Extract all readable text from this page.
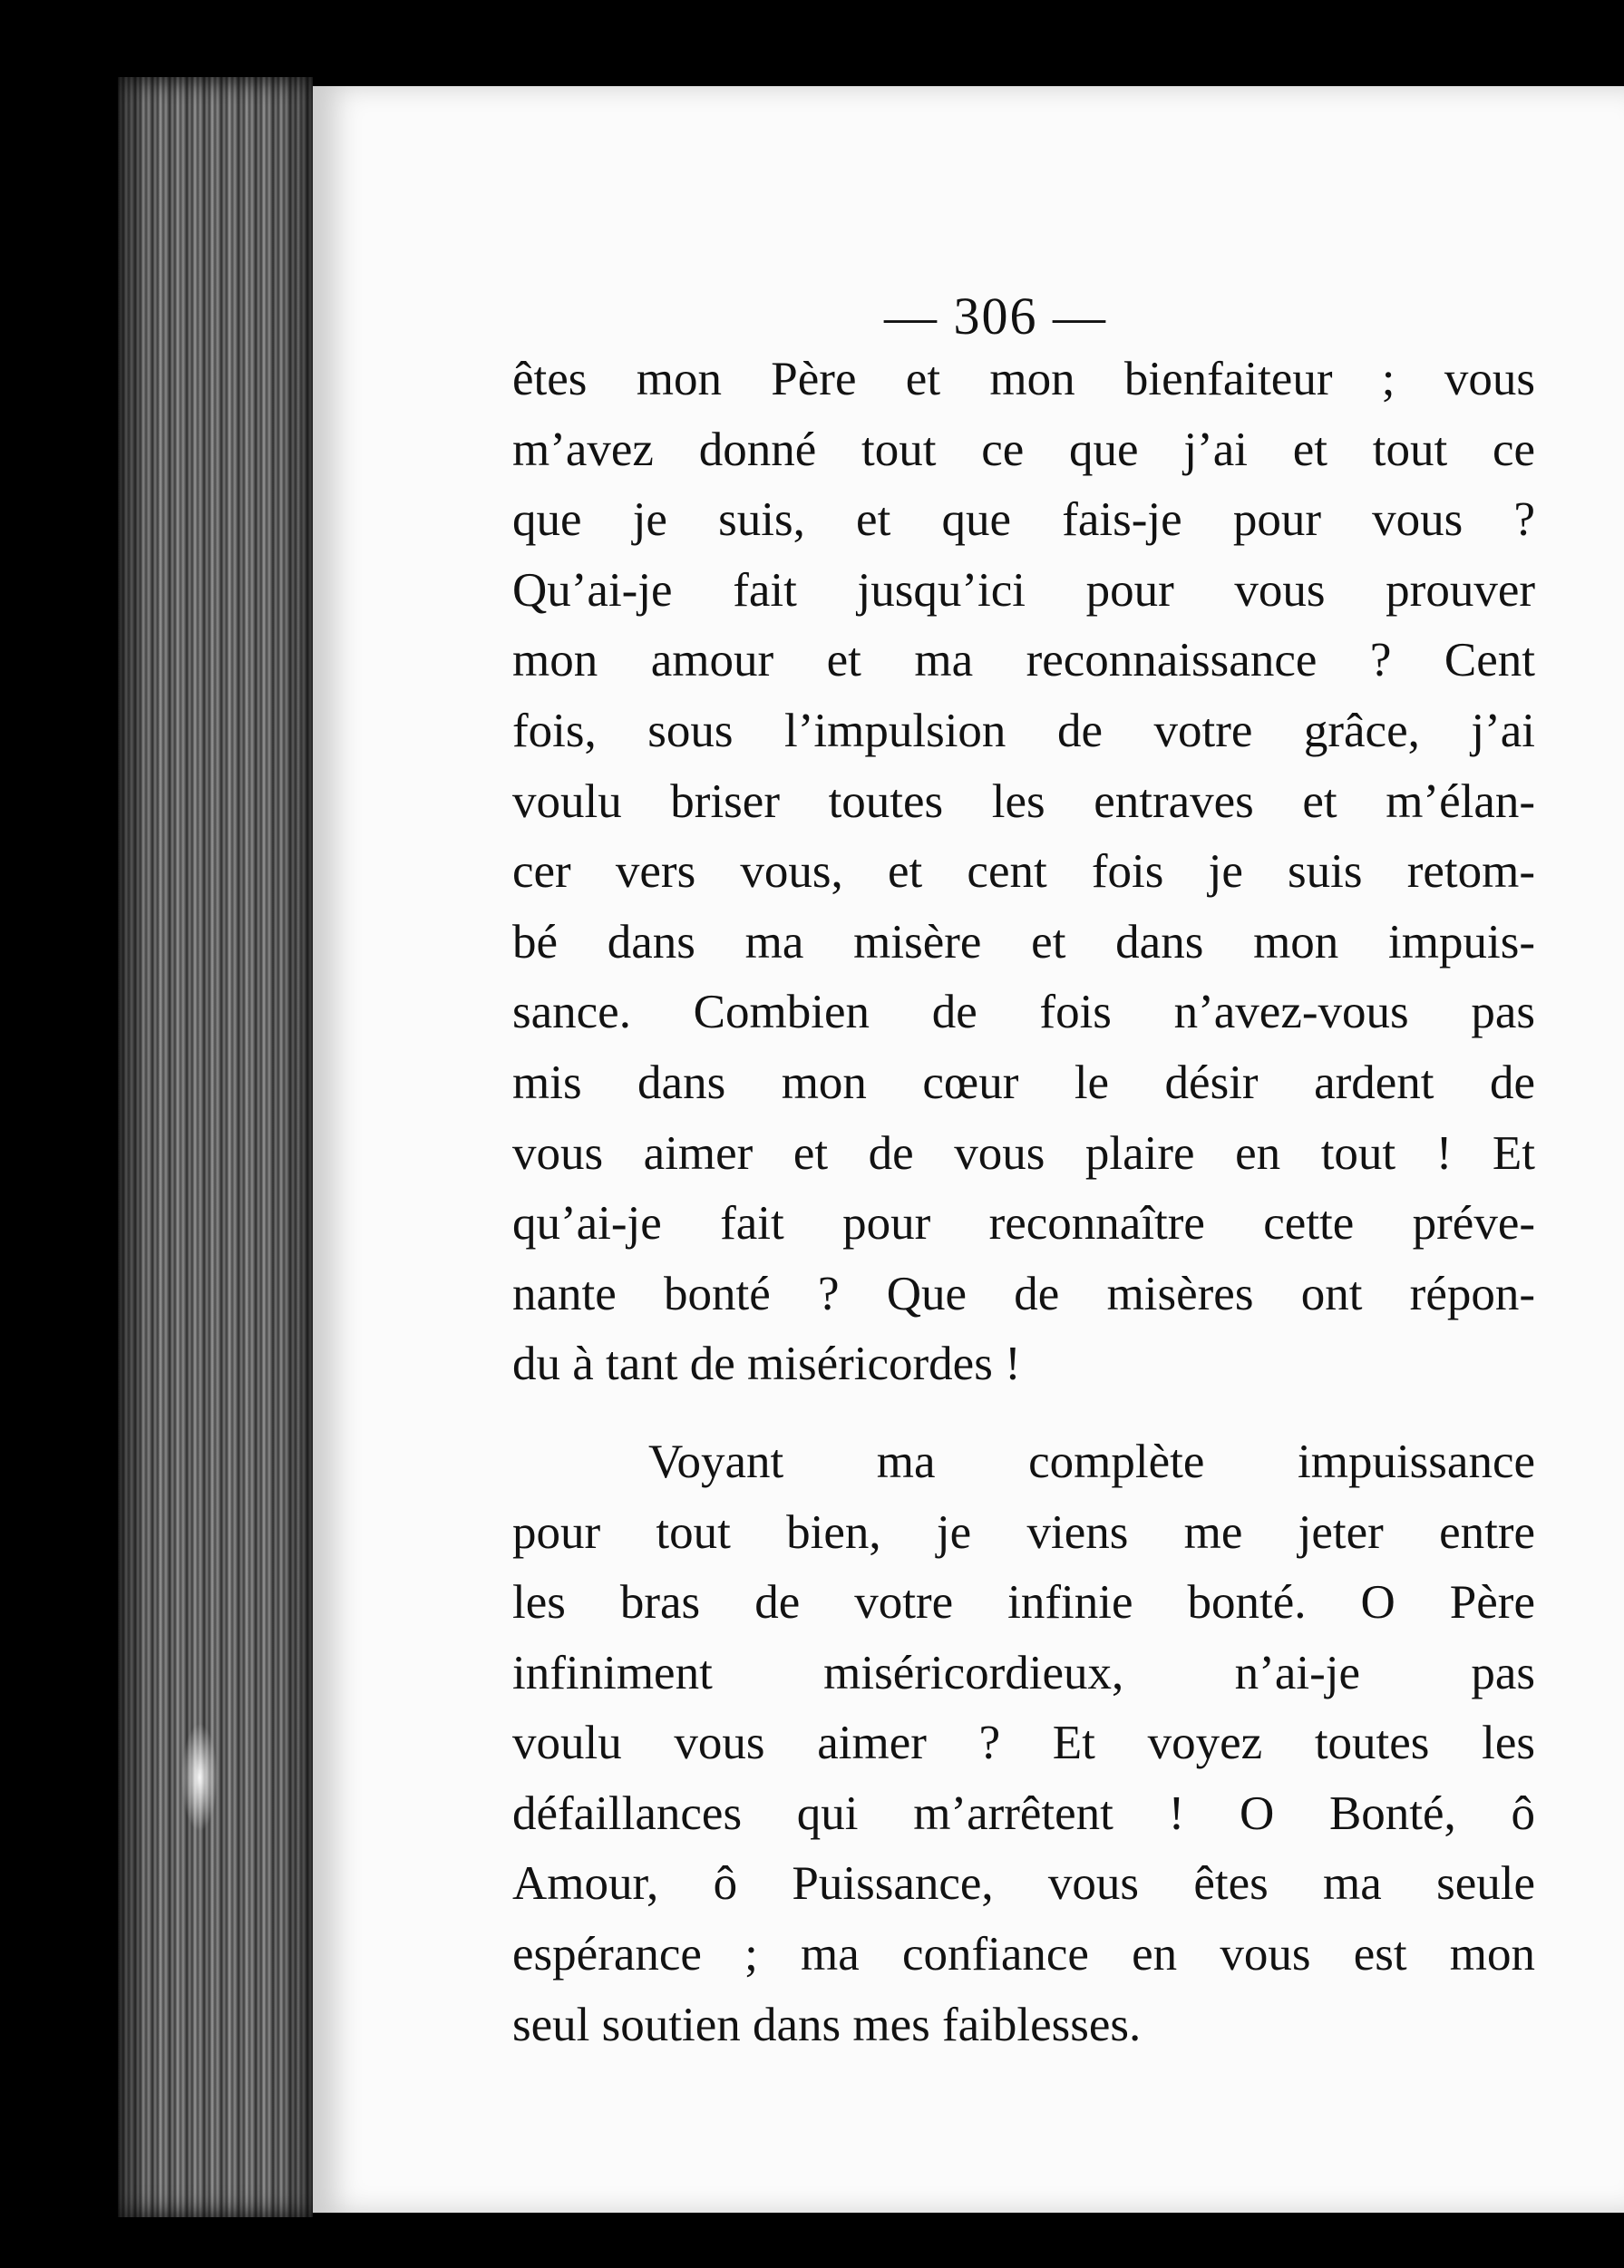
— 306 —
êtes mon Père et mon bienfaiteur ; vous
m’avez donné tout ce que j’ai et tout ce
que je suis, et que fais-je pour vous ?
Qu’ai-je fait jusqu’ici pour vous prouver
mon amour et ma reconnaissance ? Cent
fois, sous l’impulsion de votre grâce, j’ai
voulu briser toutes les entraves et m’élan-
cer vers vous, et cent fois je suis retom-
bé dans ma misère et dans mon impuis-
sance. Combien de fois n’avez-vous pas
mis dans mon cœur le désir ardent de
vous aimer et de vous plaire en tout ! Et
qu’ai-je fait pour reconnaître cette préve-
nante bonté ? Que de misères ont répon-
du à tant de miséricordes !
Voyant ma complète impuissance
pour tout bien, je viens me jeter entre
les bras de votre infinie bonté. O Père
infiniment miséricordieux, n’ai-je pas
voulu vous aimer ? Et voyez toutes les
défaillances qui m’arrêtent ! O Bonté, ô
Amour, ô Puissance, vous êtes ma seule
espérance ; ma confiance en vous est mon
seul soutien dans mes faiblesses.
